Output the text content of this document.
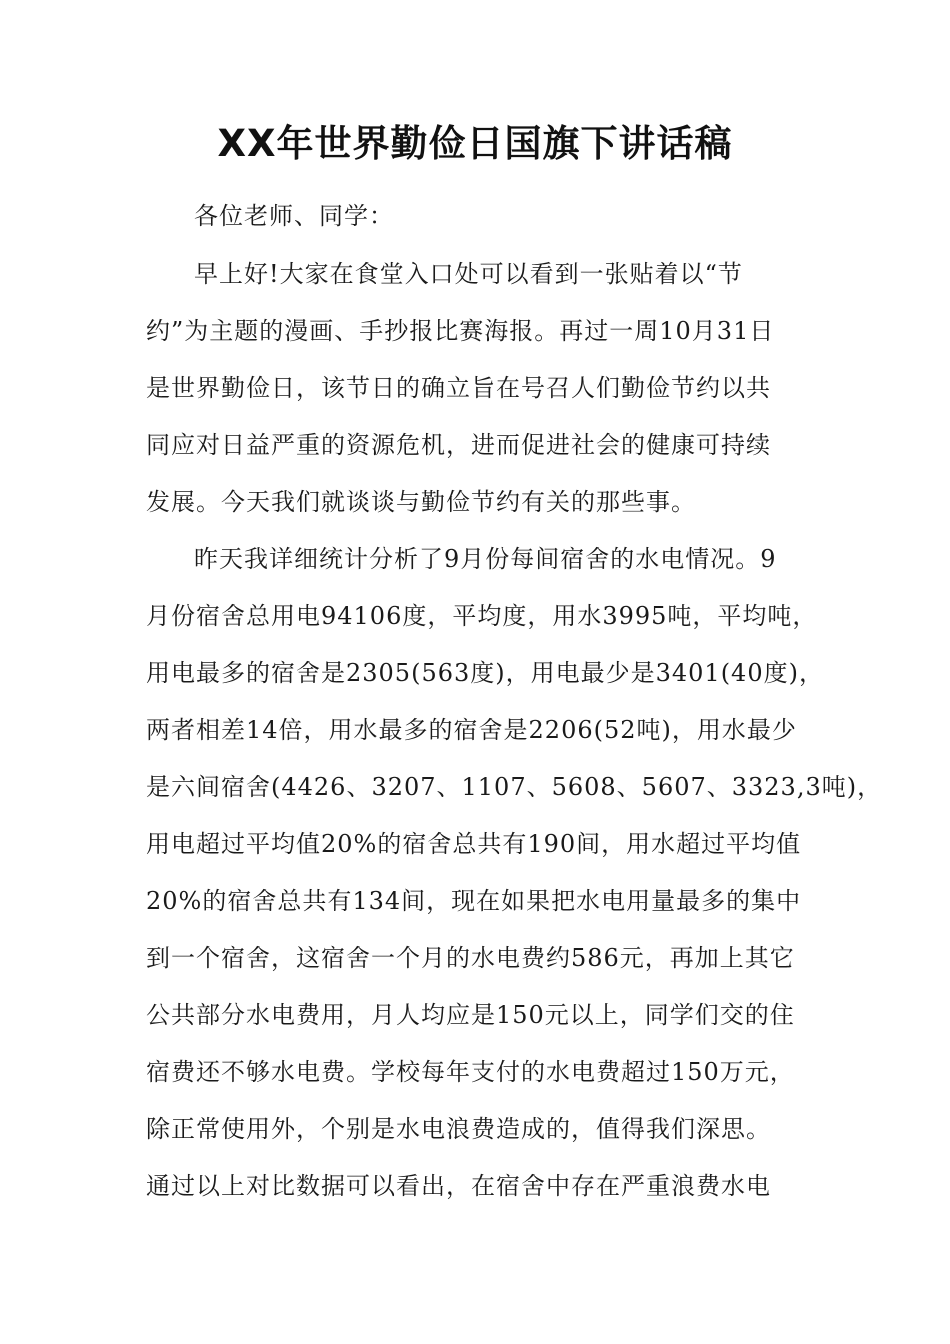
XX年世界勤俭日国旗下讲话稿
各位老师、同学：
早上好!大家在食堂入口处可以看到一张贴着以“节
约”为主题的漫画、手抄报比赛海报。再过一周10月31日
是世界勤俭日，该节日的确立旨在号召人们勤俭节约以共
同应对日益严重的资源危机，进而促进社会的健康可持续
发展。今天我们就谈谈与勤俭节约有关的那些事。
昨天我详细统计分析了9月份每间宿舍的水电情况。9
月份宿舍总用电94106度，平均度，用水3995吨，平均吨，
用电最多的宿舍是2305(563度)，用电最少是3401(40度)，
两者相差14倍，用水最多的宿舍是2206(52吨)，用水最少
是六间宿舍(4426、3207、1107、5608、5607、3323,3吨)，
用电超过平均值20%的宿舍总共有190间，用水超过平均值
20%的宿舍总共有134间，现在如果把水电用量最多的集中
到一个宿舍，这宿舍一个月的水电费约586元，再加上其它
公共部分水电费用，月人均应是150元以上，同学们交的住
宿费还不够水电费。学校每年支付的水电费超过150万元，
除正常使用外，个别是水电浪费造成的，值得我们深思。
通过以上对比数据可以看出，在宿舍中存在严重浪费水电
